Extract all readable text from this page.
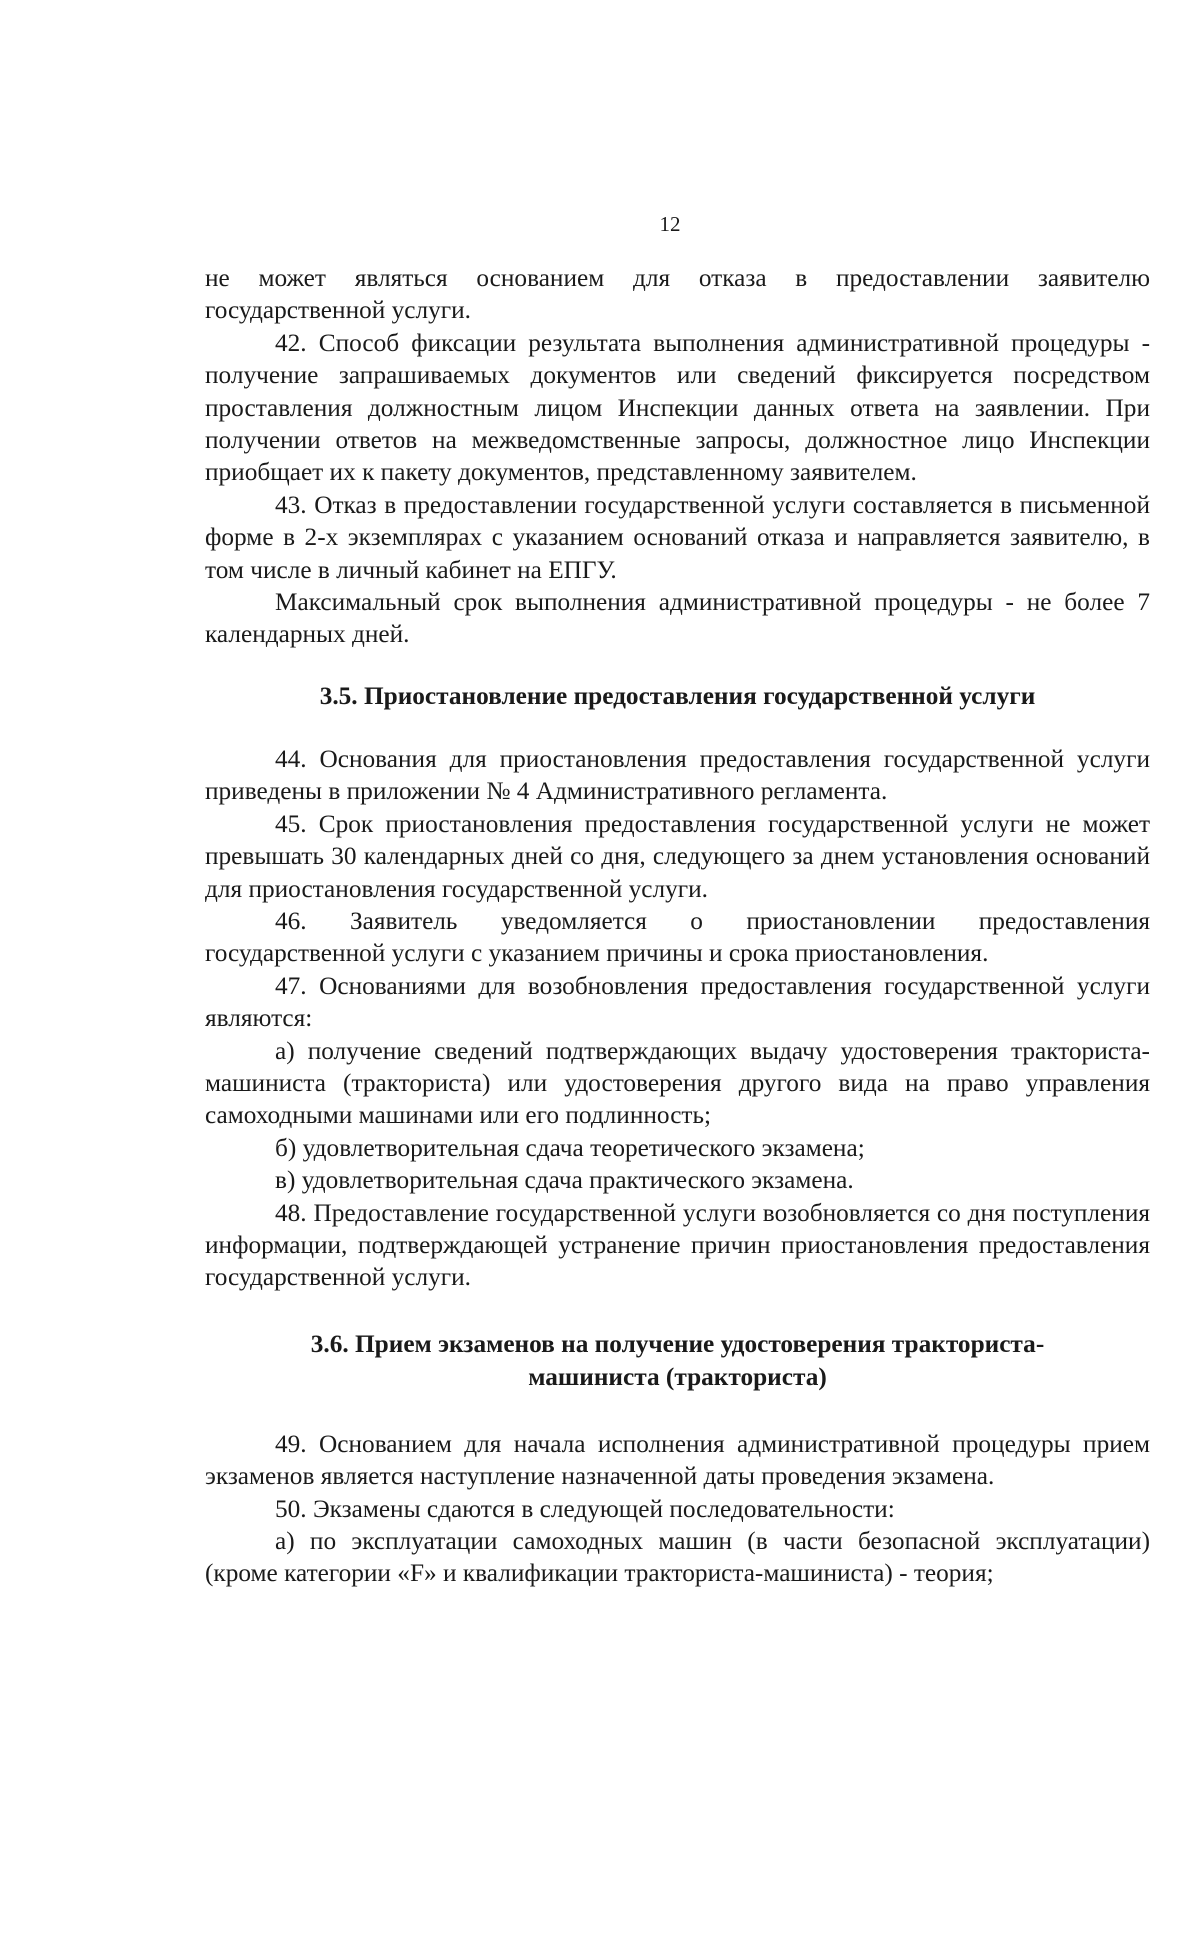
12

не может являться основанием для отказа в предоставлении заявителю государственной услуги.

42. Способ фиксации результата выполнения административной процедуры - получение запрашиваемых документов или сведений фиксируется посредством проставления должностным лицом Инспекции данных ответа на заявлении. При получении ответов на межведомственные запросы, должностное лицо Инспекции приобщает их к пакету документов, представленному заявителем.

43. Отказ в предоставлении государственной услуги составляется в письменной форме в 2-х экземплярах с указанием оснований отказа и направляется заявителю, в том числе в личный кабинет на ЕПГУ.

Максимальный срок выполнения административной процедуры - не более 7 календарных дней.

3.5. Приостановление предоставления государственной услуги

44. Основания для приостановления предоставления государственной услуги приведены в приложении № 4 Административного регламента.

45. Срок приостановления предоставления государственной услуги не может превышать 30 календарных дней со дня, следующего за днем установления оснований для приостановления государственной услуги.

46. Заявитель уведомляется о приостановлении предоставления государственной услуги с указанием причины и срока приостановления.

47. Основаниями для возобновления предоставления государственной услуги являются:

а) получение сведений подтверждающих выдачу удостоверения тракториста-машиниста (тракториста) или удостоверения другого вида на право управления самоходными машинами или его подлинность;

б) удовлетворительная сдача теоретического экзамена;

в) удовлетворительная сдача практического экзамена.

48. Предоставление государственной услуги возобновляется со дня поступления информации, подтверждающей устранение причин приостановления предоставления государственной услуги.

3.6. Прием экзаменов на получение удостоверения тракториста-
машиниста (тракториста)

49. Основанием для начала исполнения административной процедуры прием экзаменов является наступление назначенной даты проведения экзамена.

50. Экзамены сдаются в следующей последовательности:

а) по эксплуатации самоходных машин (в части безопасной эксплуатации) (кроме категории «F» и квалификации тракториста-машиниста) - теория;
